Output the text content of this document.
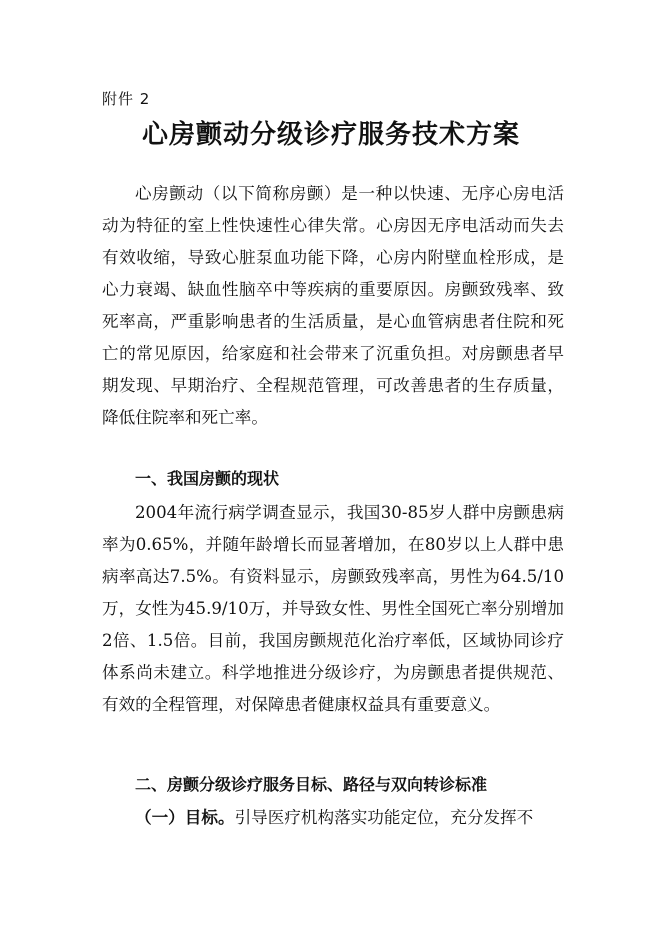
附件 2
心房颤动分级诊疗服务技术方案

心房颤动（以下简称房颤）是一种以快速、无序心房电活动为特征的室上性快速性心律失常。心房因无序电活动而失去有效收缩，导致心脏泵血功能下降，心房内附壁血栓形成，是心力衰竭、缺血性脑卒中等疾病的重要原因。房颤致残率、致死率高，严重影响患者的生活质量，是心血管病患者住院和死亡的常见原因，给家庭和社会带来了沉重负担。对房颤患者早期发现、早期治疗、全程规范管理，可改善患者的生存质量，降低住院率和死亡率。

一、我国房颤的现状

2004年流行病学调查显示，我国30-85岁人群中房颤患病率为0.65%，并随年龄增长而显著增加，在80岁以上人群中患病率高达7.5%。有资料显示，房颤致残率高，男性为64.5/10万，女性为45.9/10万，并导致女性、男性全国死亡率分别增加2倍、1.5倍。目前，我国房颤规范化治疗率低，区域协同诊疗体系尚未建立。科学地推进分级诊疗，为房颤患者提供规范、有效的全程管理，对保障患者健康权益具有重要意义。

二、房颤分级诊疗服务目标、路径与双向转诊标准
（一）目标。引导医疗机构落实功能定位，充分发挥不
